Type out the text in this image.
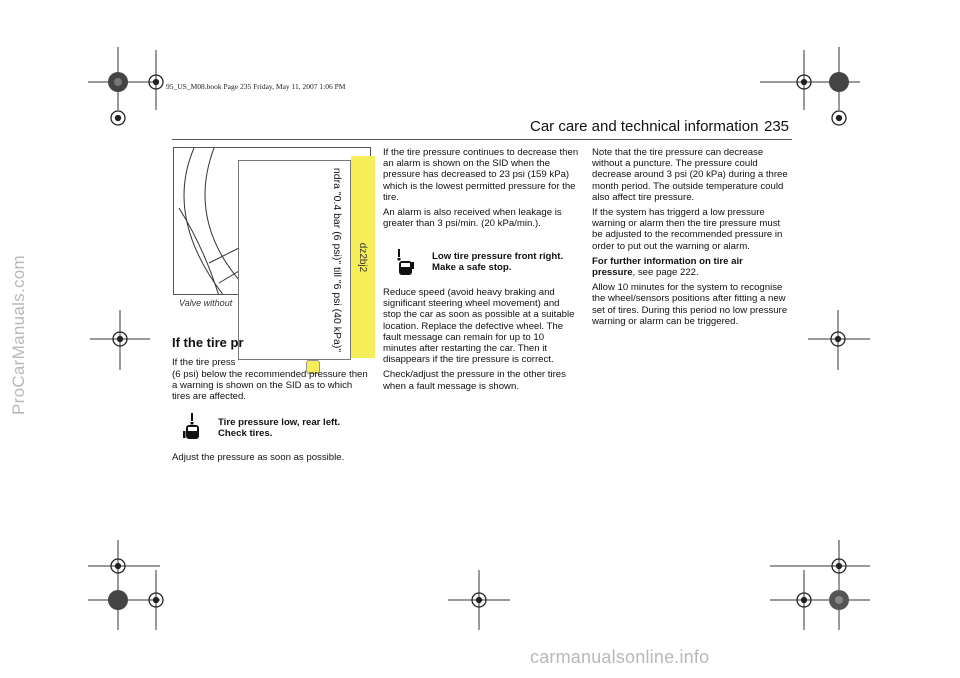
ProCarManuals.com
95_US_M08.book Page 235 Friday, May 11, 2007 1:06 PM
Car care and technical information 235
Valve without	ndra "0.4 bar (6 psi)" till "6 psi (40 kPa)" dz2bj2
If the tire pr

If the tire press

(6 psi) below the recommended pressure then a warning is shown on the SID as to which tires are affected.

Tire pressure low, rear left. Check tires.

Adjust the pressure as soon as possible.

If the tire pressure continues to decrease then an alarm is shown on the SID when the pressure has decreased to 23 psi (159 kPa) which is the lowest permitted pressure for the tire.

An alarm is also received when leakage is greater than 3 psi/min. (20 kPa/min.).

Low tire pressure front right. Make a safe stop.

Reduce speed (avoid heavy braking and significant steering wheel movement) and stop the car as soon as possible at a suitable location. Replace the defective wheel. The fault message can remain for up to 10 minutes after restarting the car. Then it disappears if the tire pressure is correct.

Check/adjust the pressure in the other tires when a fault message is shown.

Note that the tire pressure can decrease without a puncture. The pressure could decrease around 3 psi (20 kPa) during a three month period. The outside temperature could also affect tire pressure.

If the system has triggerd a low pressure warning or alarm then the tire pressure must be adjusted to the recommended pressure in order to put out the warning or alarm.

For further information on tire air pressure, see page 222.

Allow 10 minutes for the system to recognise the wheel/sensors positions after fitting a new set of tires. During this period no low pressure warning or alarm can be triggered.

carmanualsonline.info
